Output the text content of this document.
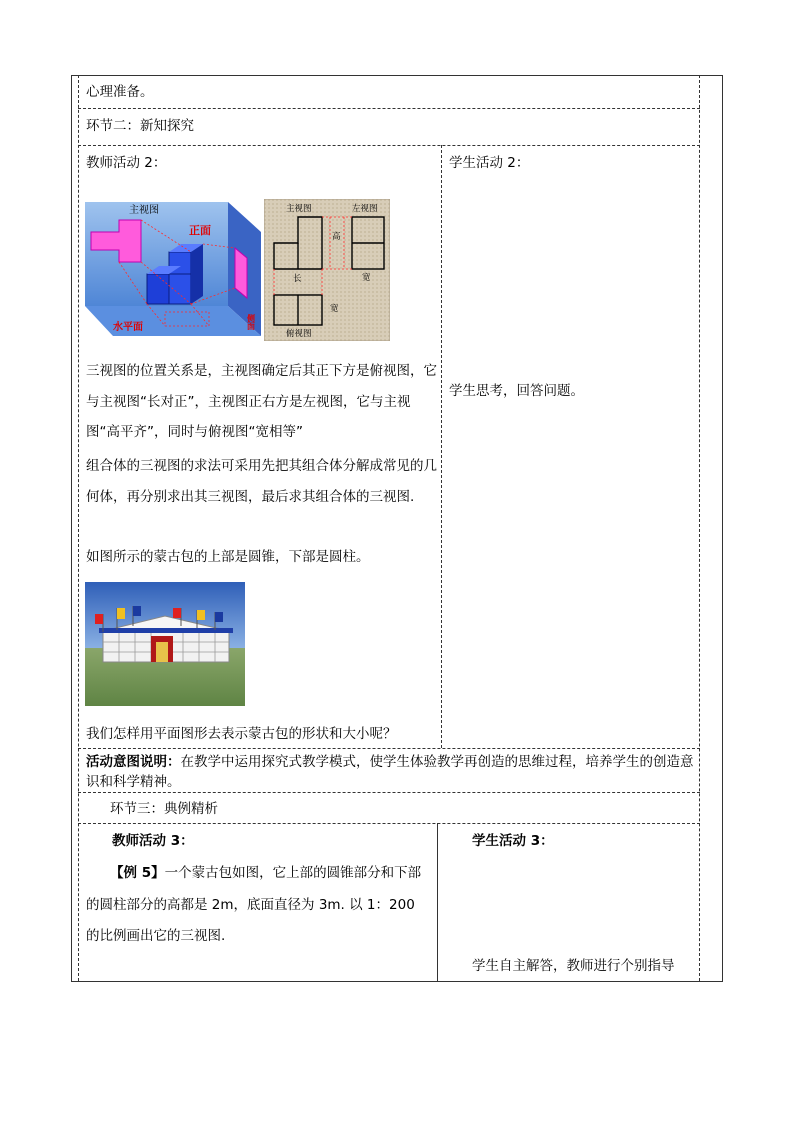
心理准备。
环节二：新知探究
教师活动 2：
主视图
正面
水平面	侧面
主视图	左视图
高
长	宽
宽
俯视图
三视图的位置关系是，主视图确定后其正下方是俯视图，它与主视图“长对正”，主视图正右方是左视图，它与主视图“高平齐”，同时与俯视图“宽相等”
组合体的三视图的求法可采用先把其组合体分解成常见的几何体，再分别求出其三视图，最后求其组合体的三视图.
如图所示的蒙古包的上部是圆锥，下部是圆柱。
我们怎样用平面图形去表示蒙古包的形状和大小呢？
学生活动 2：
学生思考，回答问题。
活动意图说明：在教学中运用探究式教学模式，使学生体验教学再创造的思维过程，培养学生的创造意识和科学精神。
环节三：典例精析
教师活动 3：
【例 5】一个蒙古包如图，它上部的圆锥部分和下部的圆柱部分的高都是 2m，底面直径为 3m. 以 1：200 的比例画出它的三视图.
学生活动 3：
学生自主解答，教师进行个别指导
